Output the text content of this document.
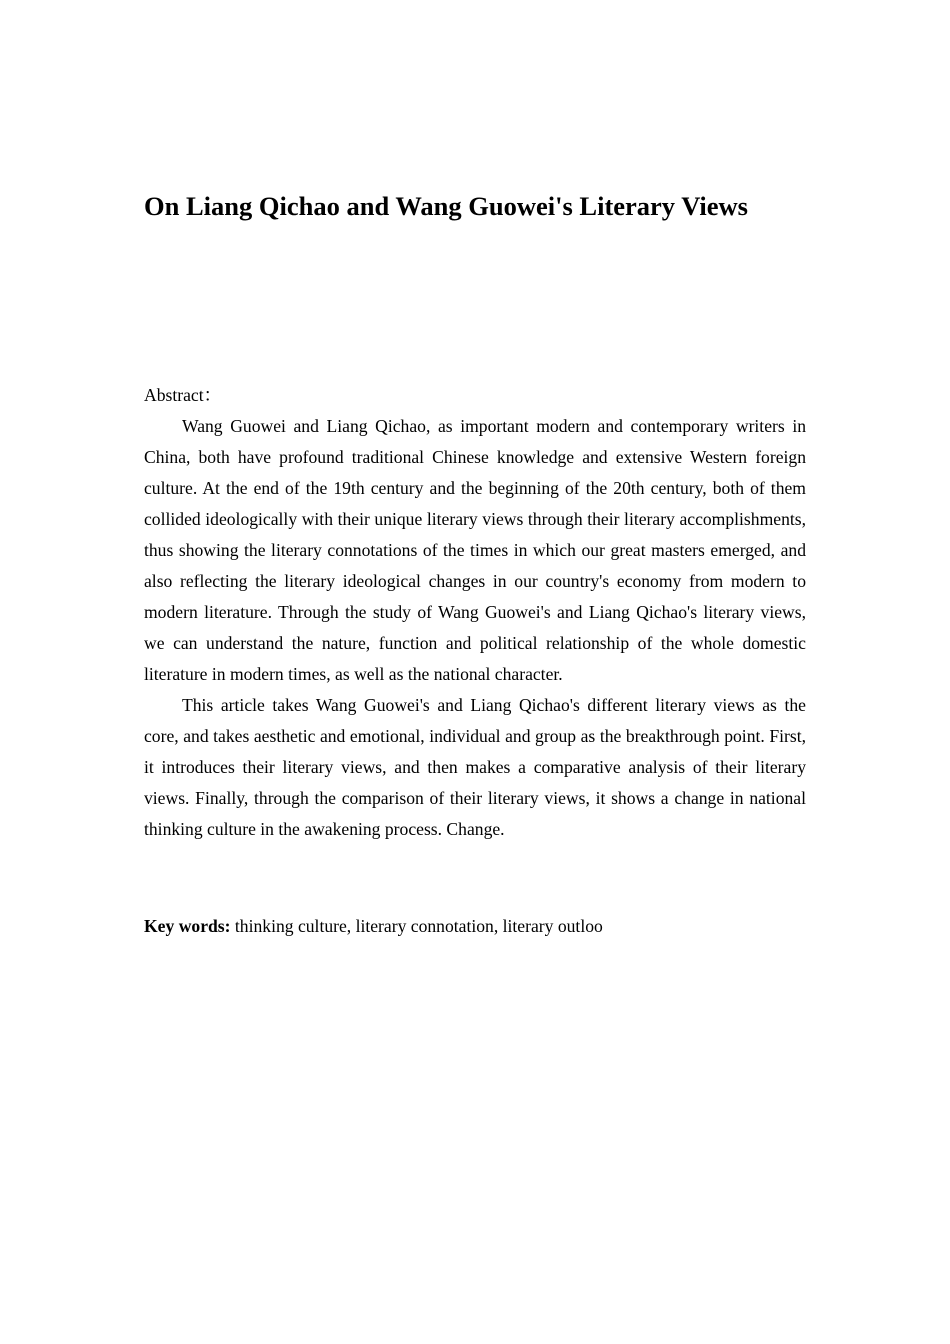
On Liang Qichao and Wang Guowei's Literary Views

Abstract：

Wang Guowei and Liang Qichao, as important modern and contemporary writers in China, both have profound traditional Chinese knowledge and extensive Western foreign culture. At the end of the 19th century and the beginning of the 20th century, both of them collided ideologically with their unique literary views through their literary accomplishments, thus showing the literary connotations of the times in which our great masters emerged, and also reflecting the literary ideological changes in our country's economy from modern to modern literature. Through the study of Wang Guowei's and Liang Qichao's literary views, we can understand the nature, function and political relationship of the whole domestic literature in modern times, as well as the national character.

This article takes Wang Guowei's and Liang Qichao's different literary views as the core, and takes aesthetic and emotional, individual and group as the breakthrough point. First, it introduces their literary views, and then makes a comparative analysis of their literary views. Finally, through the comparison of their literary views, it shows a change in national thinking culture in the awakening process. Change.

Key words: thinking culture, literary connotation, literary outloo
